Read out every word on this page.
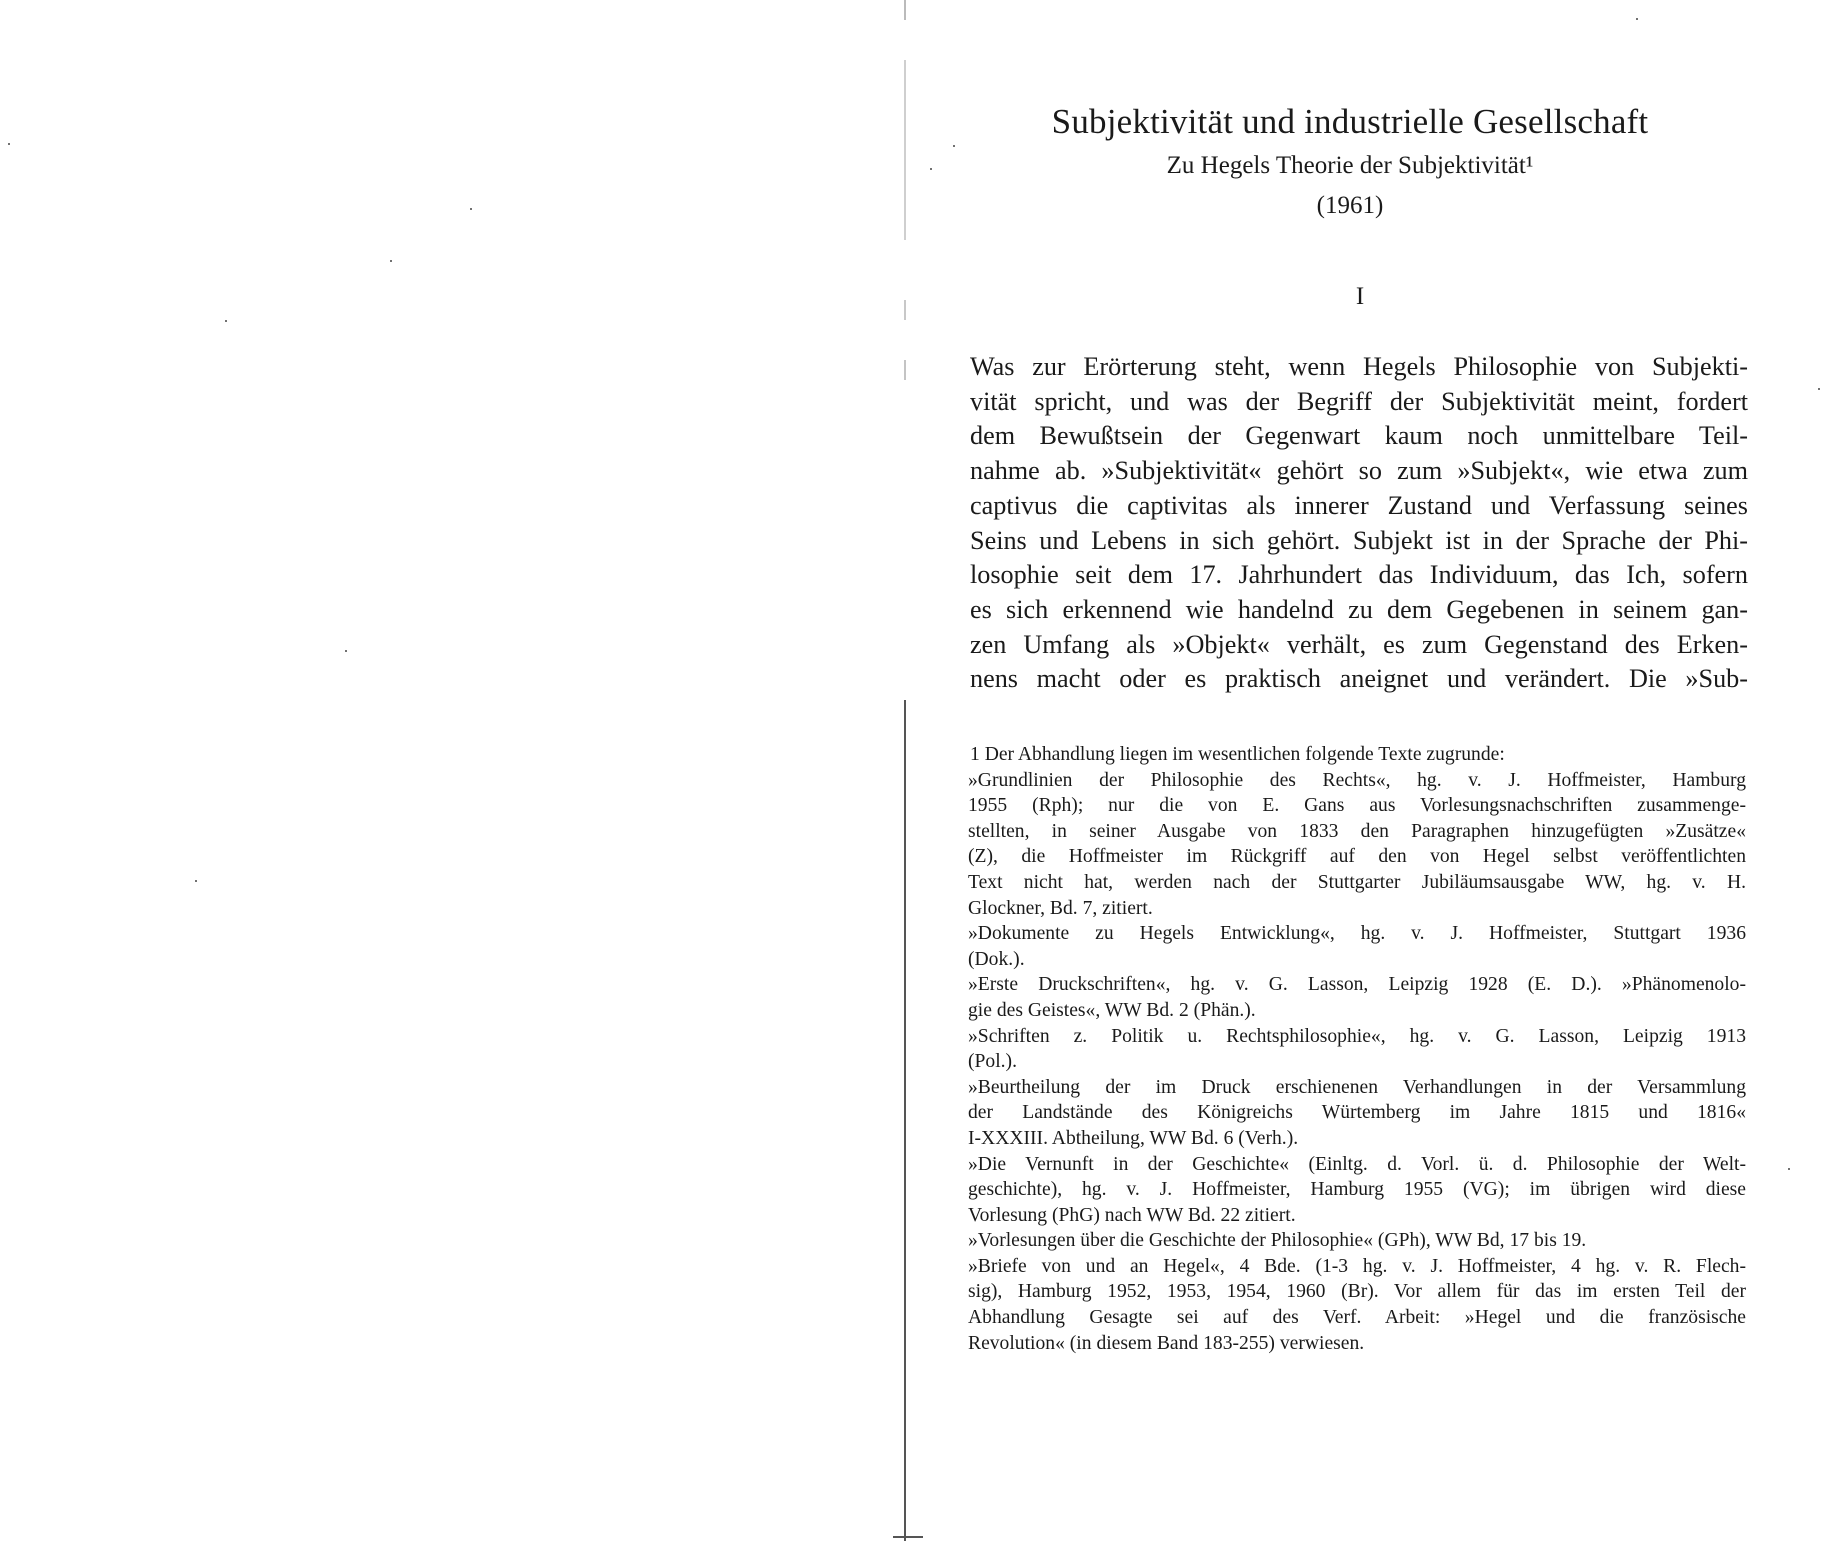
Subjektivität und industrielle Gesellschaft
Zu Hegels Theorie der Subjektivität¹
(1961)
I
Was zur Erörterung steht, wenn Hegels Philosophie von Subjekti-
vität spricht, und was der Begriff der Subjektivität meint, fordert
dem Bewußtsein der Gegenwart kaum noch unmittelbare Teil-
nahme ab. »Subjektivität« gehört so zum »Subjekt«, wie etwa zum
captivus die captivitas als innerer Zustand und Verfassung seines
Seins und Lebens in sich gehört. Subjekt ist in der Sprache der Phi-
losophie seit dem 17. Jahrhundert das Individuum, das Ich, sofern
es sich erkennend wie handelnd zu dem Gegebenen in seinem gan-
zen Umfang als »Objekt« verhält, es zum Gegenstand des Erken-
nens macht oder es praktisch aneignet und verändert. Die »Sub-
1 Der Abhandlung liegen im wesentlichen folgende Texte zugrunde:
»Grundlinien der Philosophie des Rechts«, hg. v. J. Hoffmeister, Hamburg
1955 (Rph); nur die von E. Gans aus Vorlesungsnachschriften zusammenge-
stellten, in seiner Ausgabe von 1833 den Paragraphen hinzugefügten »Zusätze«
(Z), die Hoffmeister im Rückgriff auf den von Hegel selbst veröffentlichten
Text nicht hat, werden nach der Stuttgarter Jubiläumsausgabe WW, hg. v. H.
Glockner, Bd. 7, zitiert.
»Dokumente zu Hegels Entwicklung«, hg. v. J. Hoffmeister, Stuttgart 1936
(Dok.).
»Erste Druckschriften«, hg. v. G. Lasson, Leipzig 1928 (E. D.). »Phänomenolo-
gie des Geistes«, WW Bd. 2 (Phän.).
»Schriften z. Politik u. Rechtsphilosophie«, hg. v. G. Lasson, Leipzig 1913
(Pol.).
»Beurtheilung der im Druck erschienenen Verhandlungen in der Versammlung
der Landstände des Königreichs Würtemberg im Jahre 1815 und 1816«
I-XXXIII. Abtheilung, WW Bd. 6 (Verh.).
»Die Vernunft in der Geschichte« (Einltg. d. Vorl. ü. d. Philosophie der Welt-
geschichte), hg. v. J. Hoffmeister, Hamburg 1955 (VG); im übrigen wird diese
Vorlesung (PhG) nach WW Bd. 22 zitiert.
»Vorlesungen über die Geschichte der Philosophie« (GPh), WW Bd, 17 bis 19.
»Briefe von und an Hegel«, 4 Bde. (1-3 hg. v. J. Hoffmeister, 4 hg. v. R. Flech-
sig), Hamburg 1952, 1953, 1954, 1960 (Br). Vor allem für das im ersten Teil der
Abhandlung Gesagte sei auf des Verf. Arbeit: »Hegel und die französische
Revolution« (in diesem Band 183-255) verwiesen.
